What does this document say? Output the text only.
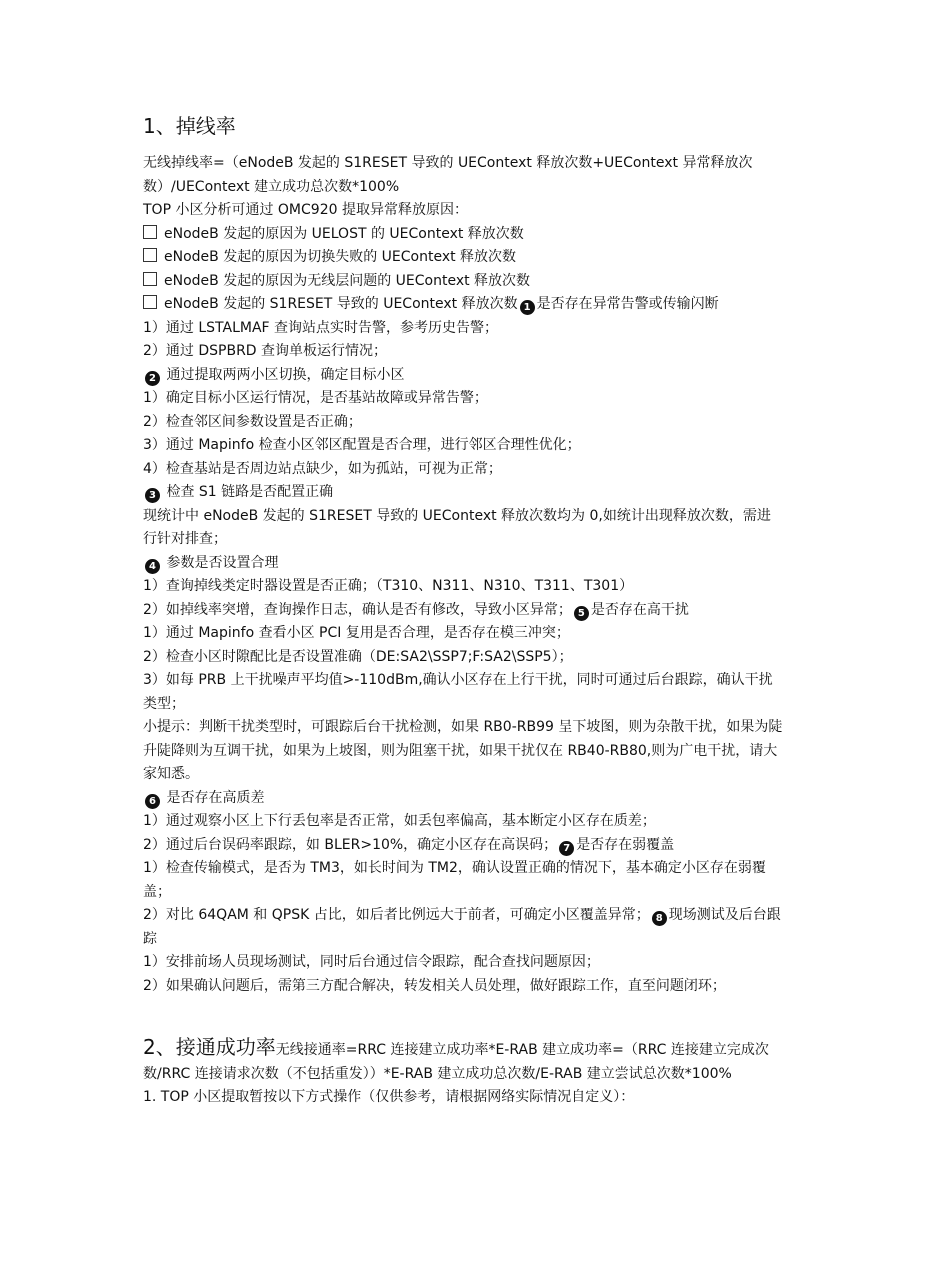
1、掉线率

无线掉线率=（eNodeB 发起的 S1RESET 导致的 UEContext 释放次数+UEContext 异常释放次数）/UEContext 建立成功总次数*100%

TOP 小区分析可通过 OMC920 提取异常释放原因：

eNodeB 发起的原因为 UELOST 的 UEContext 释放次数

eNodeB 发起的原因为切换失败的 UEContext 释放次数

eNodeB 发起的原因为无线层问题的 UEContext 释放次数

eNodeB 发起的 S1RESET 导致的 UEContext 释放次数 1 是否存在异常告警或传输闪断

1）通过 LSTALMAF 查询站点实时告警，参考历史告警；

2）通过 DSPBRD 查询单板运行情况；

2 通过提取两两小区切换，确定目标小区

1）确定目标小区运行情况，是否基站故障或异常告警；

2）检查邻区间参数设置是否正确；

3）通过 Mapinfo 检查小区邻区配置是否合理，进行邻区合理性优化；

4）检查基站是否周边站点缺少，如为孤站，可视为正常；

3 检查 S1 链路是否配置正确

现统计中 eNodeB 发起的 S1RESET 导致的 UEContext 释放次数均为 0,如统计出现释放次数，需进行针对排查；

4 参数是否设置合理

1）查询掉线类定时器设置是否正确；（T310、N311、N310、T311、T301）

2）如掉线率突增，查询操作日志，确认是否有修改，导致小区异常； 5 是否存在高干扰

1）通过 Mapinfo 查看小区 PCI 复用是否合理，是否存在模三冲突；

2）检查小区时隙配比是否设置准确（DE:SA2\SSP7;F:SA2\SSP5）；

3）如每 PRB 上干扰噪声平均值>-110dBm,确认小区存在上行干扰，同时可通过后台跟踪，确认干扰类型；

小提示：判断干扰类型时，可跟踪后台干扰检测，如果 RB0-RB99 呈下坡图，则为杂散干扰，如果为陡升陡降则为互调干扰，如果为上坡图，则为阻塞干扰，如果干扰仅在 RB40-RB80,则为广电干扰，请大家知悉。

6 是否存在高质差

1）通过观察小区上下行丢包率是否正常，如丢包率偏高，基本断定小区存在质差；

2）通过后台误码率跟踪，如 BLER>10%，确定小区存在高误码； 7 是否存在弱覆盖

1）检查传输模式，是否为 TM3，如长时间为 TM2，确认设置正确的情况下，基本确定小区存在弱覆盖；

2）对比 64QAM 和 QPSK 占比，如后者比例远大于前者，可确定小区覆盖异常； 8 现场测试及后台跟踪

1）安排前场人员现场测试，同时后台通过信令跟踪，配合查找问题原因；

2）如果确认问题后，需第三方配合解决，转发相关人员处理，做好跟踪工作，直至问题闭环；

2、接通成功率无线接通率=RRC 连接建立成功率*E-RAB 建立成功率=（RRC 连接建立完成次数/RRC 连接请求次数（不包括重发））*E-RAB 建立成功总次数/E-RAB 建立尝试总次数*100%

1. TOP 小区提取暂按以下方式操作（仅供参考，请根据网络实际情况自定义）：
